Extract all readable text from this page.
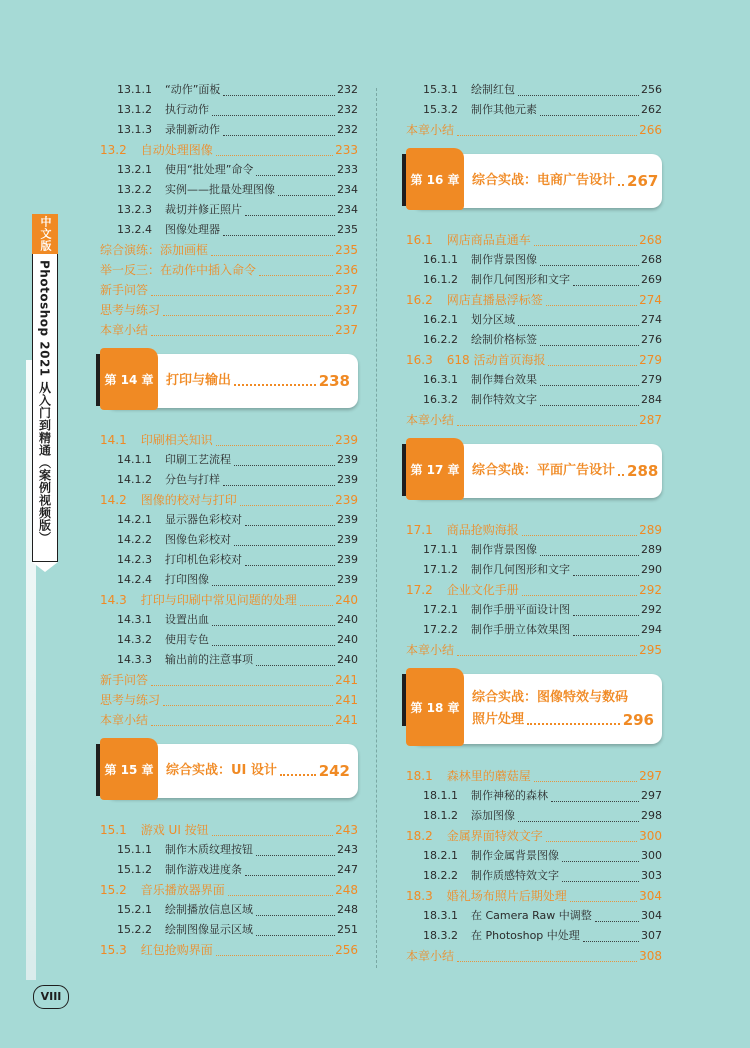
中文版
Photoshop 2021 从入门到精通（案例视频版）
13.1.1	“动作”面板	232
13.1.2	执行动作	232
13.1.3	录制新动作	232
13.2 自动处理图像	233
13.2.1	使用“批处理”命令	233
13.2.2	实例——批量处理图像	234
13.2.3	裁切并修正照片	234
13.2.4	图像处理器	235
综合演练：添加画框	235
举一反三：在动作中插入命令	236
新手问答	237
思考与练习	237
本章小结	237
第 14 章 打印与输出	238
14.1 印刷相关知识	239
14.1.1	印刷工艺流程	239
14.1.2	分色与打样	239
14.2 图像的校对与打印	239
14.2.1	显示器色彩校对	239
14.2.2	图像色彩校对	239
14.2.3	打印机色彩校对	239
14.2.4	打印图像	239
14.3 打印与印刷中常见问题的处理	240
14.3.1	设置出血	240
14.3.2	使用专色	240
14.3.3	输出前的注意事项	240
新手问答	241
思考与练习	241
本章小结	241
第 15 章 综合实战：UI 设计	242
15.1 游戏 UI 按钮	243
15.1.1	制作木质纹理按钮	243
15.1.2	制作游戏进度条	247
15.2 音乐播放器界面	248
15.2.1	绘制播放信息区域	248
15.2.2	绘制图像显示区域	251
15.3 红包抢购界面	256
15.3.1	绘制红包	256
15.3.2	制作其他元素	262
本章小结	266
第 16 章 综合实战：电商广告设计 267
16.1 网店商品直通车	268
16.1.1	制作背景图像	268
16.1.2	制作几何图形和文字	269
16.2 网店直播悬浮标签	274
16.2.1	划分区域	274
16.2.2	绘制价格标签	276
16.3 618 活动首页海报	279
16.3.1	制作舞台效果	279
16.3.2	制作特效文字	284
本章小结	287
第 17 章 综合实战：平面广告设计 288
17.1 商品抢购海报	289
17.1.1	制作背景图像	289
17.1.2	制作几何图形和文字	290
17.2 企业文化手册	292
17.2.1	制作手册平面设计图	292
17.2.2	制作手册立体效果图	294
本章小结	295
第 18 章
综合实战：图像特效与数码
照片处理	296
18.1 森林里的蘑菇屋	297
18.1.1	制作神秘的森林	297
18.1.2	添加图像	298
18.2 金属界面特效文字	300
18.2.1	制作金属背景图像	300
18.2.2	制作质感特效文字	303
18.3 婚礼场布照片后期处理	304
18.3.1	在 Camera Raw 中调整	304
18.3.2	在 Photoshop 中处理	307
本章小结	308
VIII
